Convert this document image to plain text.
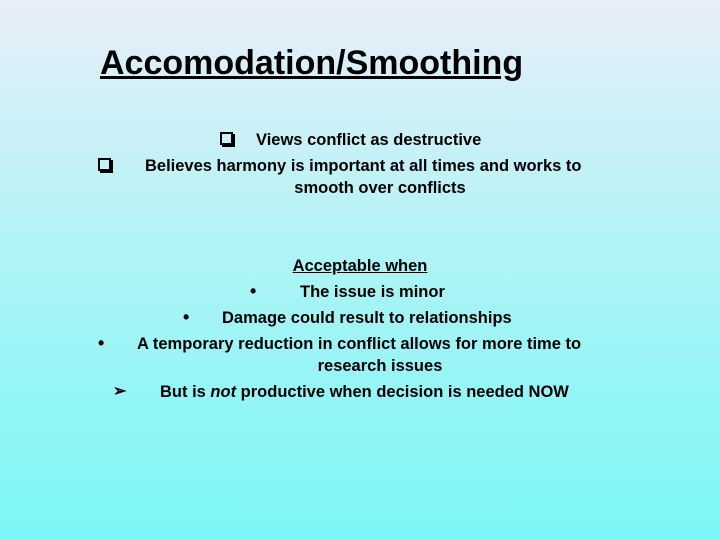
Accomodation/Smoothing
Views conflict as destructive
Believes harmony is important at all times and works to
smooth over conflicts
Acceptable when
•	The issue is minor
• Damage could result to relationships
• A temporary reduction in conflict allows for more time to
research issues
➢ But is not productive when decision is needed NOW
